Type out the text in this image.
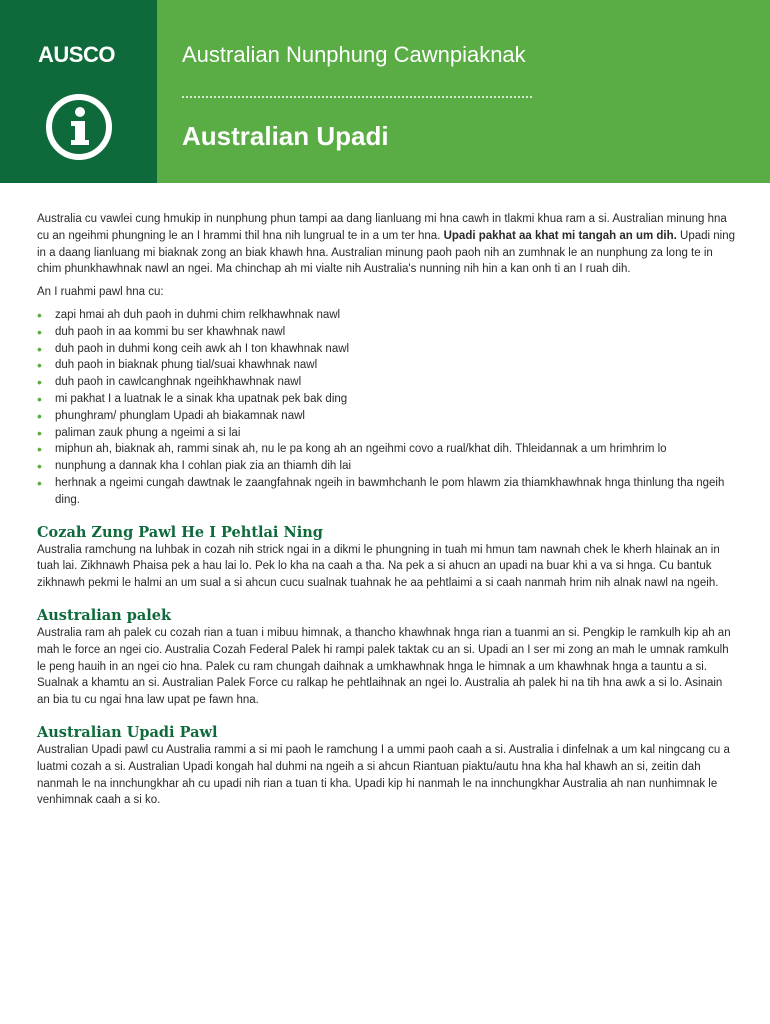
AUSCO	Australian Nunphung Cawnpiaknak
Australian Upadi

Australia cu vawlei cung hmukip in nunphung phun tampi aa dang lianluang mi hna cawh in tlakmi khua ram a si. Australian minung hna cu an ngeihmi phungning le an I hrammi thil hna nih lungrual te in a um ter hna. Upadi pakhat aa khat mi tangah an um dih. Upadi ning in a daang lianluang mi biaknak zong an biak khawh hna. Australian minung paoh paoh nih an zumhnak le an nunphung za long te in chim phunkhawhnak nawl an ngei. Ma chinchap ah mi vialte nih Australia's nunning nih hin a kan onh ti an I ruah dih.

An I ruahmi pawl hna cu:

• zapi hmai ah duh paoh in duhmi chim relkhawhnak nawl
• duh paoh in aa kommi bu ser khawhnak nawl
• duh paoh in duhmi kong ceih awk ah I ton khawhnak nawl
• duh paoh in biaknak phung tial/suai khawhnak nawl
• duh paoh in cawlcanghnak ngeihkhawhnak nawl
• mi pakhat I a luatnak le a sinak kha upatnak pek bak ding
• phunghram/ phunglam Upadi ah biakamnak nawl
• paliman zauk phung a ngeimi a si lai
• miphun ah, biaknak ah, rammi sinak ah, nu le pa kong ah an ngeihmi covo a rual/khat dih. Thleidannak a um hrimhrim lo
• nunphung a dannak kha I cohlan piak zia an thiamh dih lai
• herhnak a ngeimi cungah dawtnak le zaangfahnak ngeih in bawmhchanh le pom hlawm zia thiamkhawhnak hnga thinlung tha ngeih ding.
Cozah Zung Pawl He I Pehtlai Ning

Australia ramchung na luhbak in cozah nih strick ngai in a dikmi le phungning in tuah mi hmun tam nawnah chek le kherh hlainak an in tuah lai. Zikhnawh Phaisa pek a hau lai lo. Pek lo kha na caah a tha. Na pek a si ahucn an upadi na buar khi a va si hnga. Cu bantuk zikhnawh pekmi le halmi an um sual a si ahcun cucu sualnak tuahnak he aa pehtlaimi a si caah nanmah hrim nih alnak nawl na ngeih.

Australian palek

Australia ram ah palek cu cozah rian a tuan i mibuu himnak, a thancho khawhnak hnga rian a tuanmi an si. Pengkip le ramkulh kip ah an mah le force an ngei cio. Australia Cozah Federal Palek hi rampi palek taktak cu an si. Upadi an I ser mi zong an mah le umnak ramkulh le peng hauih in an ngei cio hna. Palek cu ram chungah daihnak a umkhawhnak hnga le himnak a um khawhnak hnga a tauntu a si. Sualnak a khamtu an si. Australian Palek Force cu ralkap he pehtlaihnak an ngei lo. Australia ah palek hi na tih hna awk a si lo. Asinain an bia tu cu ngai hna law upat pe fawn hna.

Australian Upadi Pawl

Australian Upadi pawl cu Australia rammi a si mi paoh le ramchung I a ummi paoh caah a si. Australia i dinfelnak a um kal ningcang cu a luatmi cozah a si. Australian Upadi kongah hal duhmi na ngeih a si ahcun Riantuan piaktu/autu hna kha hal khawh an si, zeitin dah nanmah le na innchungkhar ah cu upadi nih rian a tuan ti kha. Upadi kip hi nanmah le na innchungkhar Australia ah nan nunhimnak le venhimnak caah a si ko.
